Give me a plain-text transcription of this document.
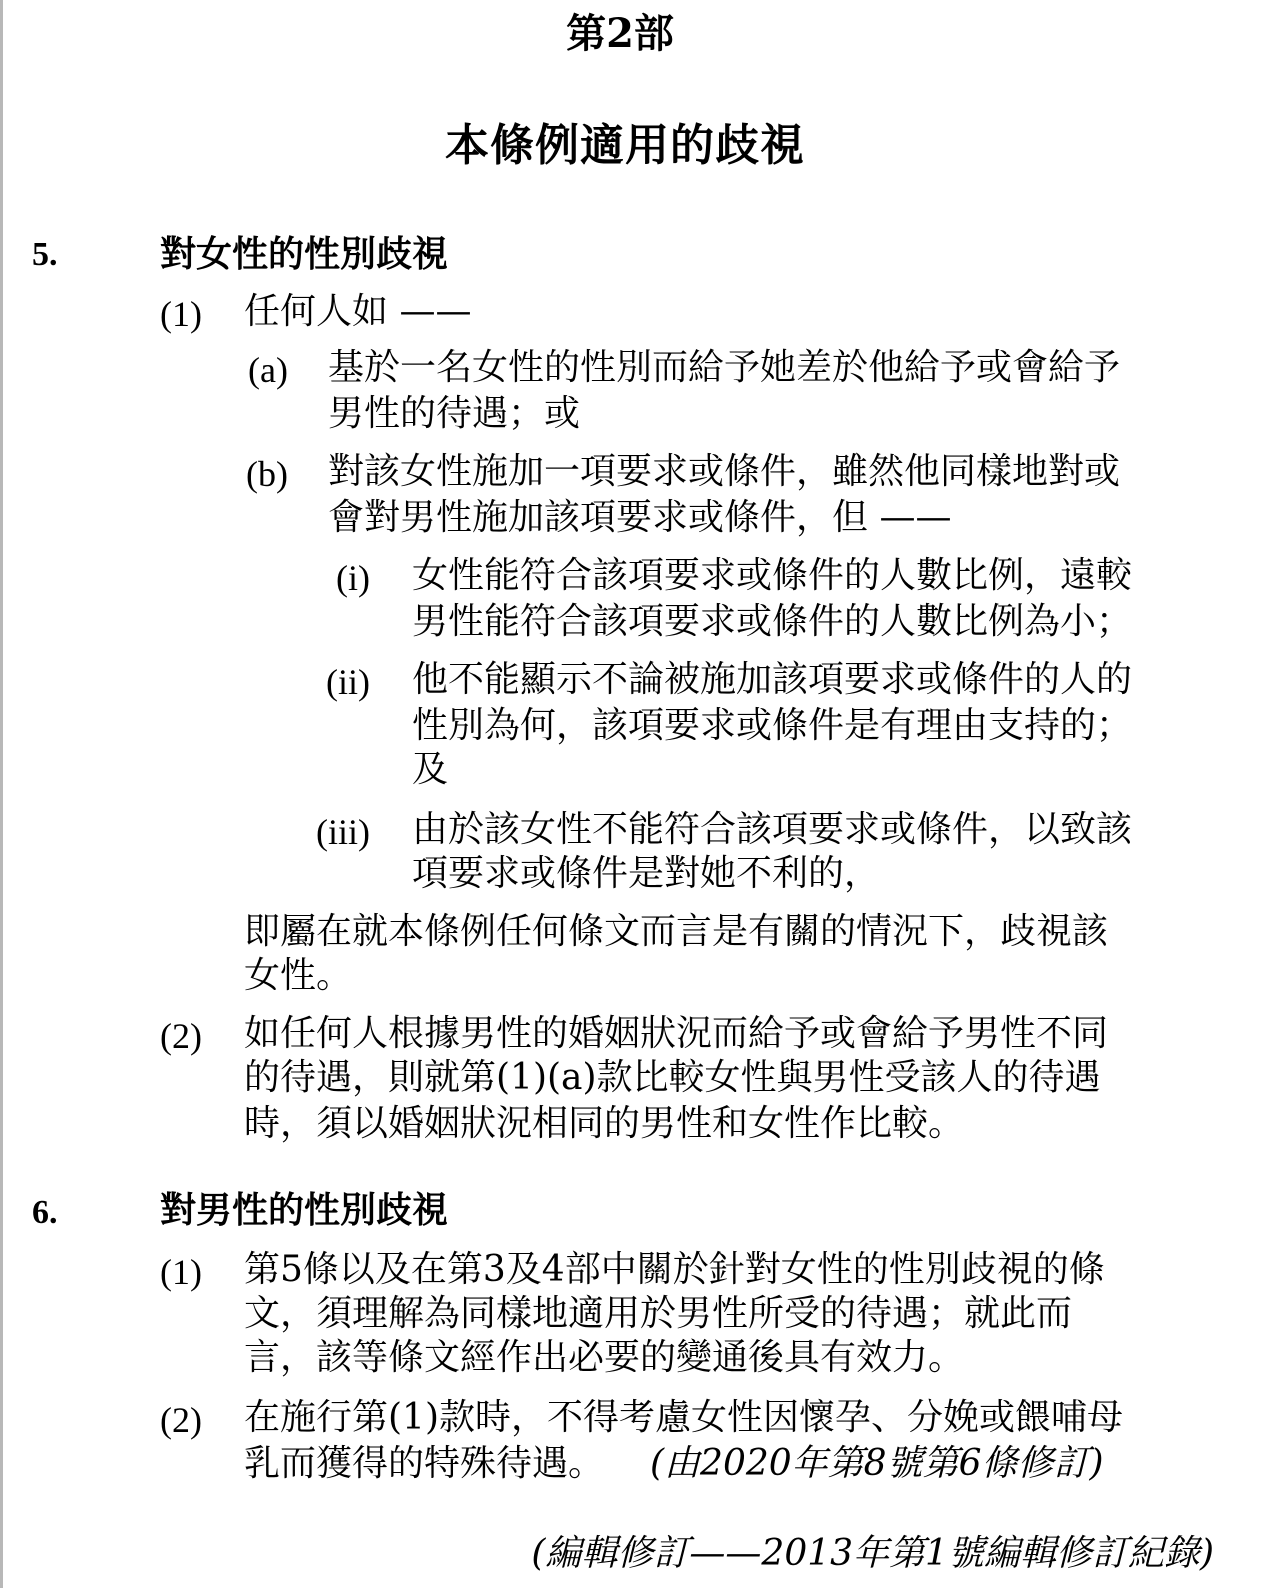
第2部
本條例適用的歧視
5.	對女性的性別歧視
(1) 任何人如 ——
(a) 基於一名女性的性別而給予她差於他給予或會給予
男性的待遇；或
(b) 對該女性施加一項要求或條件，雖然他同樣地對或
會對男性施加該項要求或條件，但 ——
(i) 女性能符合該項要求或條件的人數比例，遠較
男性能符合該項要求或條件的人數比例為小；
(ii) 他不能顯示不論被施加該項要求或條件的人的
性別為何，該項要求或條件是有理由支持的；
及
(iii) 由於該女性不能符合該項要求或條件，以致該
項要求或條件是對她不利的，
即屬在就本條例任何條文而言是有關的情況下，歧視該
女性。
(2) 如任何人根據男性的婚姻狀況而給予或會給予男性不同
的待遇，則就第(1)(a)款比較女性與男性受該人的待遇
時，須以婚姻狀況相同的男性和女性作比較。
6.	對男性的性別歧視
(1) 第5條以及在第3及4部中關於針對女性的性別歧視的條
文，須理解為同樣地適用於男性所受的待遇；就此而
言，該等條文經作出必要的變通後具有效力。
(2) 在施行第(1)款時，不得考慮女性因懷孕、分娩或餵哺母
乳而獲得的特殊待遇。 (由2020年第8號第6條修訂)
(編輯修訂——2013年第1號編輯修訂紀錄)
